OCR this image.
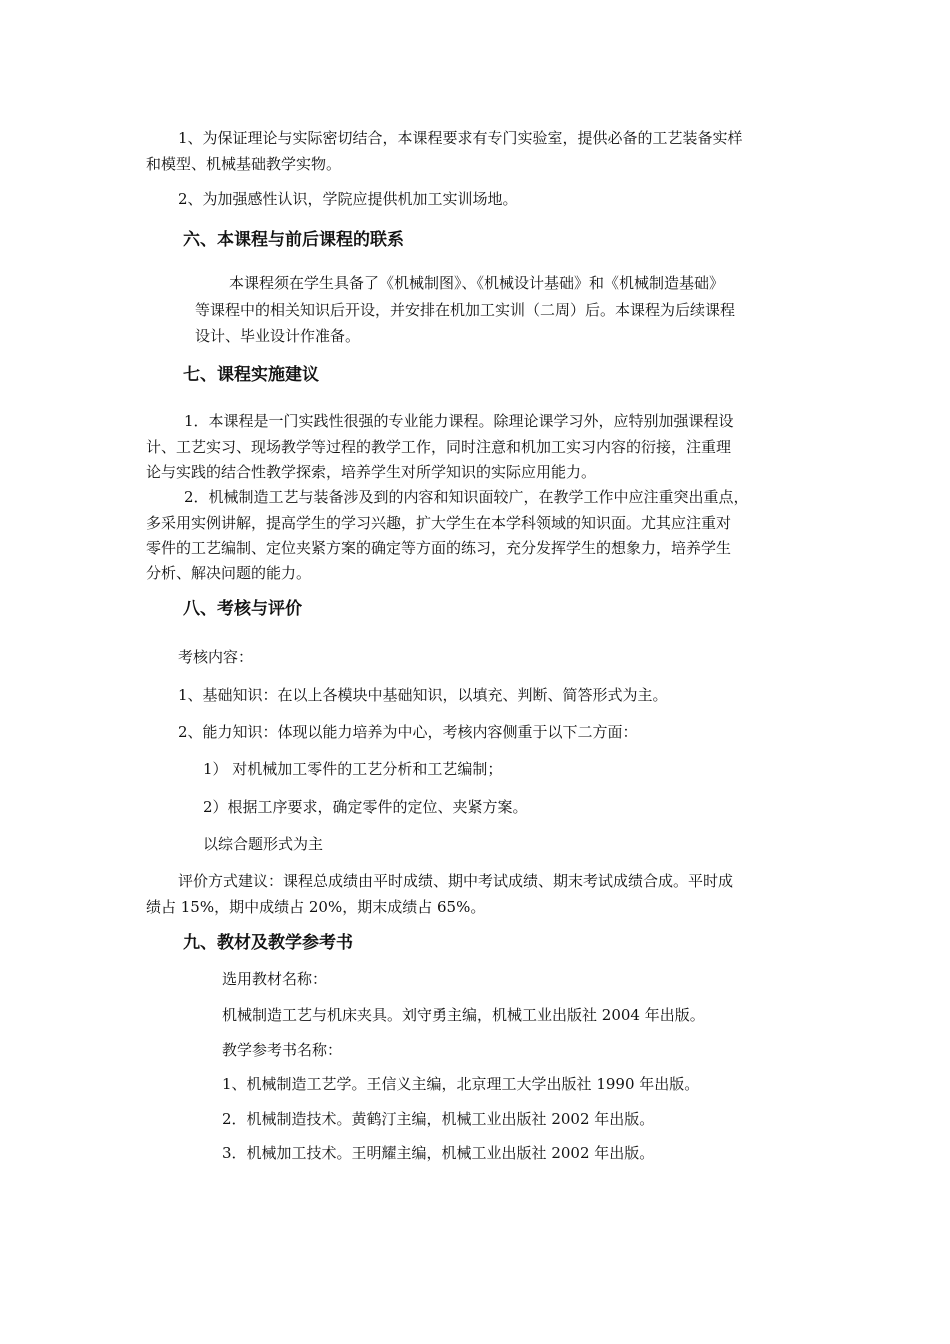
1、为保证理论与实际密切结合，本课程要求有专门实验室，提供必备的工艺装备实样
和模型、机械基础教学实物。
2、为加强感性认识，学院应提供机加工实训场地。
六、本课程与前后课程的联系
本课程须在学生具备了《机械制图》、《机械设计基础》和《机械制造基础》
等课程中的相关知识后开设，并安排在机加工实训（二周）后。本课程为后续课程
设计、毕业设计作准备。
七、课程实施建议
1．本课程是一门实践性很强的专业能力课程。除理论课学习外，应特别加强课程设
计、工艺实习、现场教学等过程的教学工作，同时注意和机加工实习内容的衍接，注重理
论与实践的结合性教学探索，培养学生对所学知识的实际应用能力。
2．机械制造工艺与装备涉及到的内容和知识面较广，在教学工作中应注重突出重点，
多采用实例讲解，提高学生的学习兴趣，扩大学生在本学科领域的知识面。尤其应注重对
零件的工艺编制、定位夹紧方案的确定等方面的练习，充分发挥学生的想象力，培养学生
分析、解决问题的能力。
八、考核与评价
考核内容：
1、基础知识：在以上各模块中基础知识，以填充、判断、简答形式为主。
2、能力知识：体现以能力培养为中心，考核内容侧重于以下二方面：
1） 对机械加工零件的工艺分析和工艺编制；
2）根据工序要求，确定零件的定位、夹紧方案。
以综合题形式为主
评价方式建议：课程总成绩由平时成绩、期中考试成绩、期末考试成绩合成。平时成
绩占 15%，期中成绩占 20%，期末成绩占 65%。
九、教材及教学参考书
选用教材名称：
机械制造工艺与机床夹具。刘守勇主编，机械工业出版社 2004 年出版。
教学参考书名称：
1、机械制造工艺学。王信义主编，北京理工大学出版社 1990 年出版。
2．机械制造技术。黄鹤汀主编，机械工业出版社 2002 年出版。
3．机械加工技术。王明耀主编，机械工业出版社 2002 年出版。
